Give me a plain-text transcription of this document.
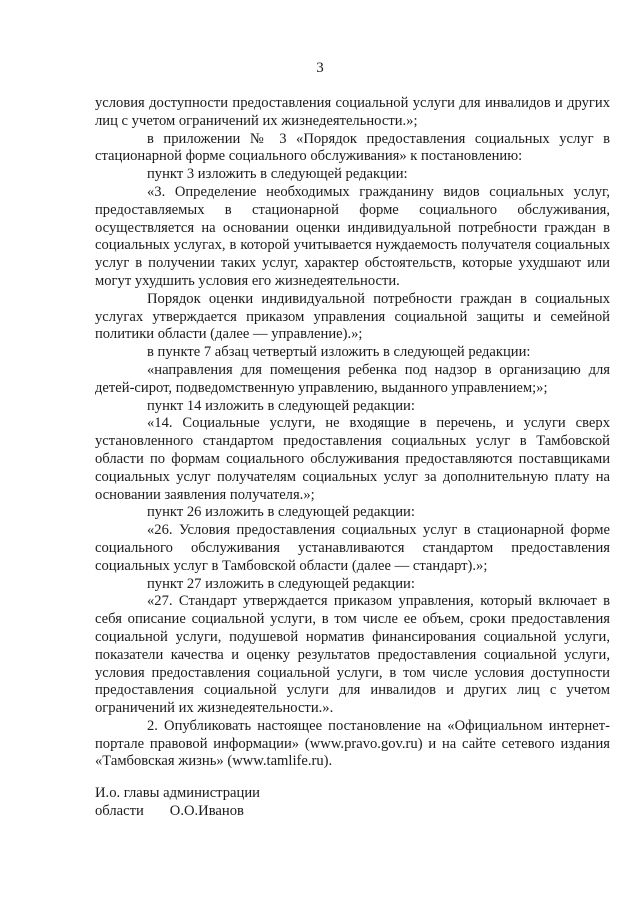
3

условия доступности предоставления социальной услуги для инвалидов и других лиц с учетом ограничений их жизнедеятельности.»;

в приложении № 3 «Порядок предоставления социальных услуг в стационарной форме социального обслуживания» к постановлению:

пункт 3 изложить в следующей редакции:

«3. Определение необходимых гражданину видов социальных услуг, предоставляемых в стационарной форме социального обслуживания, осуществляется на основании оценки индивидуальной потребности граждан в социальных услугах, в которой учитывается нуждаемость получателя социальных услуг в получении таких услуг, характер обстоятельств, которые ухудшают или могут ухудшить условия его жизнедеятельности.

Порядок оценки индивидуальной потребности граждан в социальных услугах утверждается приказом управления социальной защиты и семейной политики области (далее — управление).»;

в пункте 7 абзац четвертый изложить в следующей редакции:

«направления для помещения ребенка под надзор в организацию для детей-сирот, подведомственную управлению, выданного управлением;»;

пункт 14 изложить в следующей редакции:

«14. Социальные услуги, не входящие в перечень, и услуги сверх установленного стандартом предоставления социальных услуг в Тамбовской области по формам социального обслуживания предоставляются поставщиками социальных услуг получателям социальных услуг за дополнительную плату на основании заявления получателя.»;

пункт 26 изложить в следующей редакции:

«26. Условия предоставления социальных услуг в стационарной форме социального обслуживания устанавливаются стандартом предоставления социальных услуг в Тамбовской области (далее — стандарт).»;

пункт 27 изложить в следующей редакции:

«27. Стандарт утверждается приказом управления, который включает в себя описание социальной услуги, в том числе ее объем, сроки предоставления социальной услуги, подушевой норматив финансирования социальной услуги, показатели качества и оценку результатов предоставления социальной услуги, условия предоставления социальной услуги, в том числе условия доступности предоставления социальной услуги для инвалидов и других лиц с учетом ограничений их жизнедеятельности.».

2. Опубликовать настоящее постановление на «Официальном интернет-портале правовой информации» (www.pravo.gov.ru) и на сайте сетевого издания «Тамбовская жизнь» (www.tamlife.ru).

И.о. главы администрации
области О.О.Иванов
